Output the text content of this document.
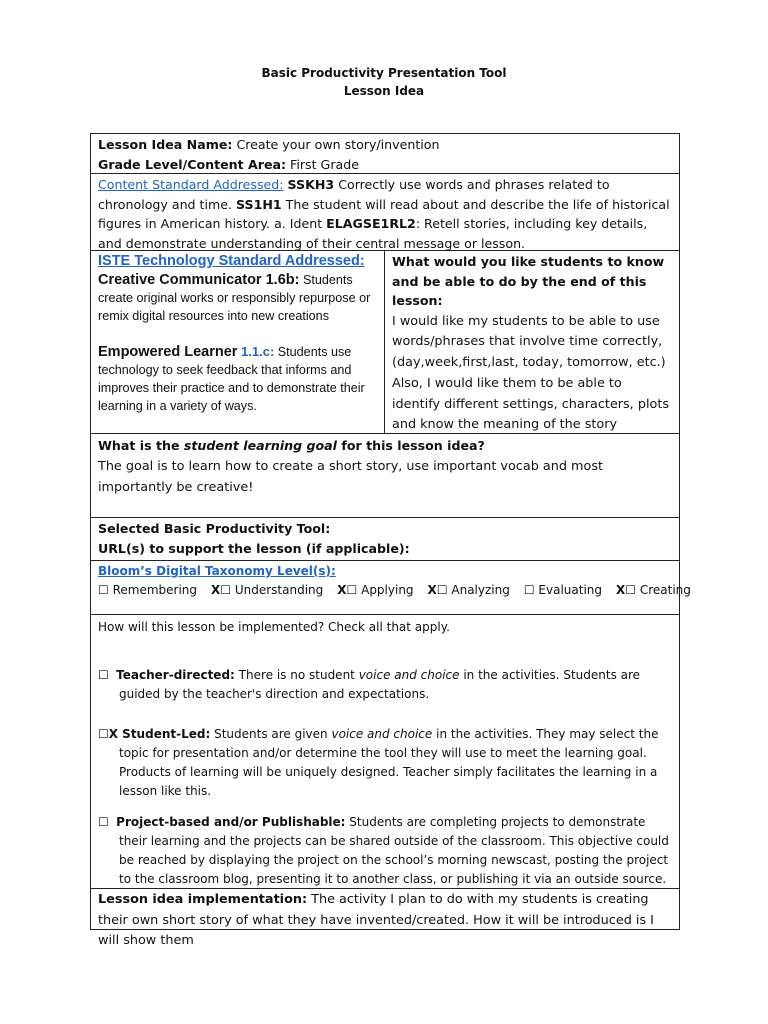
Basic Productivity Presentation Tool
Lesson Idea
Lesson Idea Name: Create your own story/invention
Grade Level/Content Area: First Grade
Content Standard Addressed: SSKH3 Correctly use words and phrases related to chronology and time. SS1H1 The student will read about and describe the life of historical figures in American history. a. Ident ELAGSE1RL2: Retell stories, including key details, and demonstrate understanding of their central message or lesson.
ISTE Technology Standard Addressed:
Creative Communicator 1.6b: Students create original works or responsibly repurpose or remix digital resources into new creations
Empowered Learner 1.1.c: Students use technology to seek feedback that informs and improves their practice and to demonstrate their learning in a variety of ways.
What would you like students to know and be able to do by the end of this lesson:
I would like my students to be able to use words/phrases that involve time correctly, (day,week,first,last, today, tomorrow, etc.) Also, I would like them to be able to identify different settings, characters, plots and know the meaning of the story
What is the student learning goal for this lesson idea?
The goal is to learn how to create a short story, use important vocab and most importantly be creative!
Selected Basic Productivity Tool:
URL(s) to support the lesson (if applicable):
Bloom’s Digital Taxonomy Level(s):
☐ Remembering X☐ Understanding X☐ Applying X☐ Analyzing ☐ Evaluating X☐ Creating
How will this lesson be implemented? Check all that apply.
☐ Teacher-directed: There is no student voice and choice in the activities. Students are guided by the teacher's direction and expectations.
☐X Student-Led: Students are given voice and choice in the activities. They may select the topic for presentation and/or determine the tool they will use to meet the learning goal. Products of learning will be uniquely designed. Teacher simply facilitates the learning in a lesson like this.
☐ Project-based and/or Publishable: Students are completing projects to demonstrate their learning and the projects can be shared outside of the classroom. This objective could be reached by displaying the project on the school’s morning newscast, posting the project to the classroom blog, presenting it to another class, or publishing it via an outside source.
Lesson idea implementation: The activity I plan to do with my students is creating their own short story of what they have invented/created. How it will be introduced is I will show them
